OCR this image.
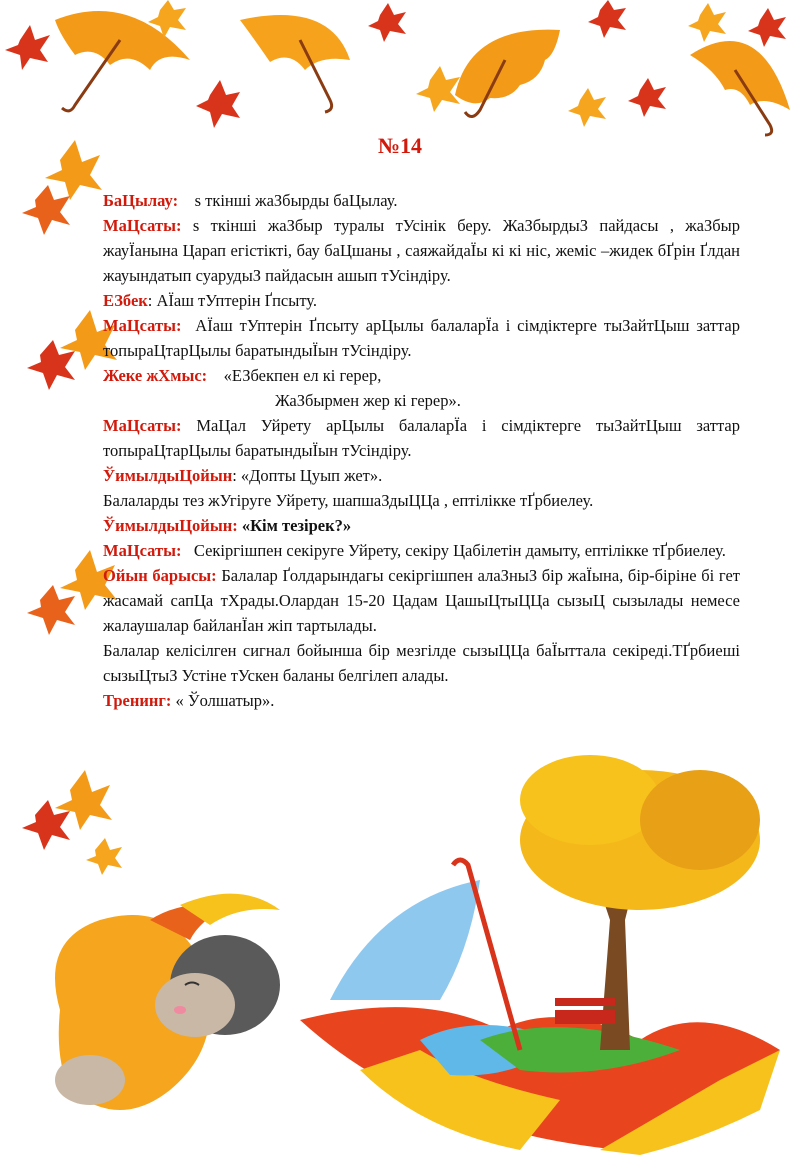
№14

БаЦылау: s ткінші жаЗбырды баЦылау.

МаЦсаты: s ткінші жаЗбыр туралы тУсінік беру. ЖаЗбырдыЗ пайдасы , жаЗбыр жауЇанына Царап егістікті, бау баЦшаны , саяжайдаЇы кі кі ніс, жеміс –жидек бҐрін Ґлдан жауындатып суарудыЗ пайдасын ашып тУсіндіру.

ЕЗбек: АЇаш тУптерін Ґпсыту.

МаЦсаты: АЇаш тУптерін Ґпсыту арЦылы балаларЇа і сімдіктерге тыЗайтЦыш заттар топыраЦтарЦылы баратындыЇын тУсіндіру.

Жеке жХмыс: «ЕЗбекпен ел кі герер,

ЖаЗбырмен жер кі герер».

МаЦсаты: МаЦал Уйрету арЦылы балаларЇа і сімдіктерге тыЗайтЦыш заттар топыраЦтарЦылы баратындыЇын тУсіндіру.

ЎимылдыЦойын: «Допты Цуып жет».

Балаларды тез жУгіруге Уйрету, шапшаЗдыЦЦа , ептілікке тҐрбиелеу.

ЎимылдыЦойын: «Кім тезірек?»

МаЦсаты: Секіргішпен секіруге Уйрету, секіру Цабілетін дамыту, ептілікке тҐрбиелеу.

Ойын барысы: Балалар Ґолдарындагы секіргішпен алаЗныЗ бір жаЇына, бір-біріне бі гет жасамай сапЦа тХрады.Олардан 15-20 Цадам ЦашыЦтыЦЦа сызыЦ сызылады немесе жалаушалар байланЇан жіп тартылады.

Балалар келісілген сигнал бойынша бір мезгілде сызыЦЦа баЇыттала секіреді.ТҐрбиеші сызыЦтыЗ Устіне тУскен баланы белгілеп алады.

Тренинг: « Ўолшатыр».
